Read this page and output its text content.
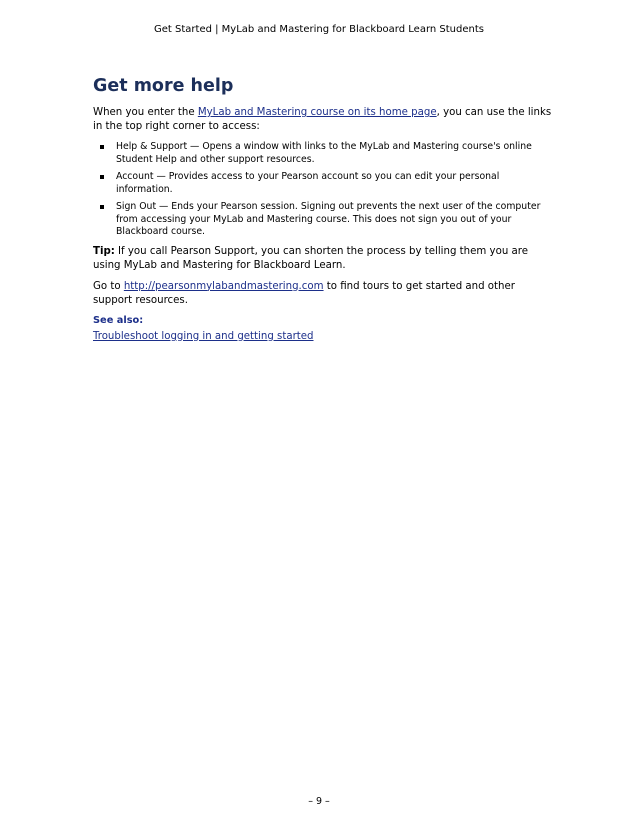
Get Started | MyLab and Mastering for Blackboard Learn Students
Get more help

When you enter the MyLab and Mastering course on its home page, you can use the links in the top right corner to access:

Help & Support — Opens a window with links to the MyLab and Mastering course's online Student Help and other support resources.
Account — Provides access to your Pearson account so you can edit your personal information.
Sign Out — Ends your Pearson session. Signing out prevents the next user of the computer from accessing your MyLab and Mastering course. This does not sign you out of your Blackboard course.

Tip: If you call Pearson Support, you can shorten the process by telling them you are using MyLab and Mastering for Blackboard Learn.

Go to http://pearsonmylabandmastering.com to find tours to get started and other support resources.

See also:
Troubleshoot logging in and getting started
– 9 –
